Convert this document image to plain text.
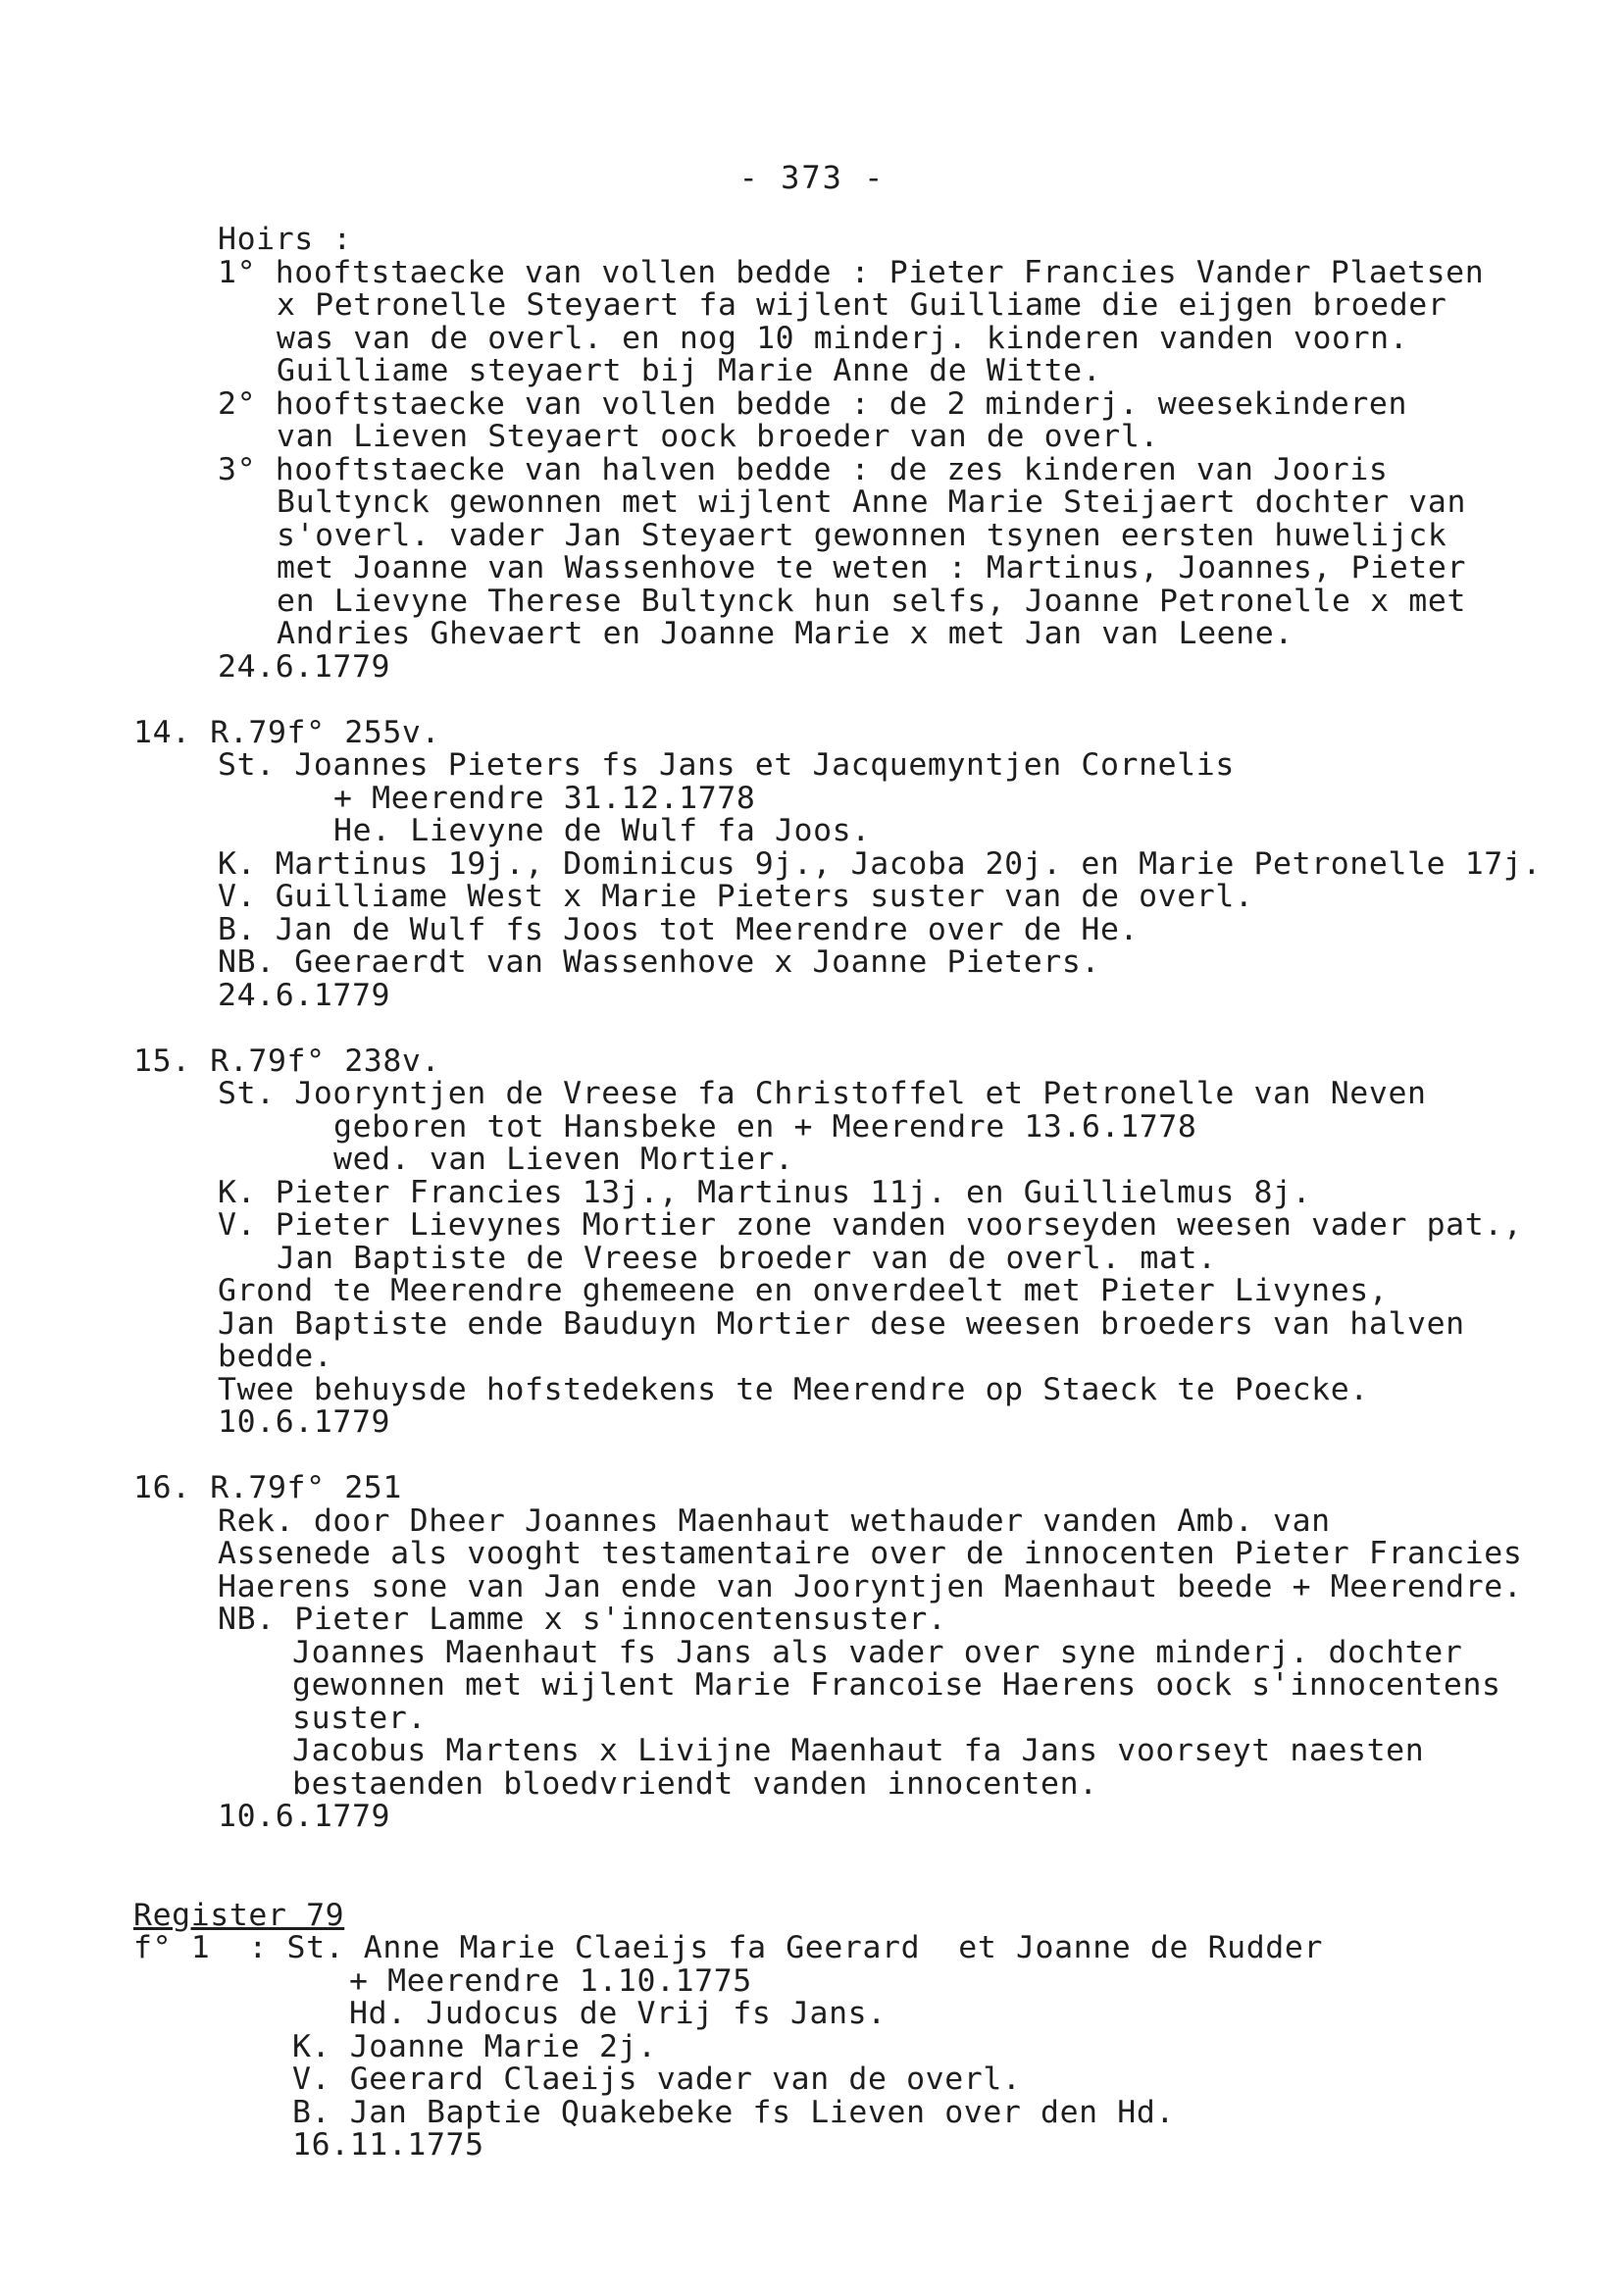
- 373 -
Hoirs :
1° hooftstaecke van vollen bedde : Pieter Francies Vander Plaetsen
x Petronelle Steyaert fa wijlent Guilliame die eijgen broeder
was van de overl. en nog 10 minderj. kinderen vanden voorn.
Guilliame steyaert bij Marie Anne de Witte.
2° hooftstaecke van vollen bedde : de 2 minderj. weesekinderen
van Lieven Steyaert oock broeder van de overl.
3° hooftstaecke van halven bedde : de zes kinderen van Jooris
Bultynck gewonnen met wijlent Anne Marie Steijaert dochter van
s'overl. vader Jan Steyaert gewonnen tsynen eersten huwelijck
met Joanne van Wassenhove te weten : Martinus, Joannes, Pieter
en Lievyne Therese Bultynck hun selfs, Joanne Petronelle x met
Andries Ghevaert en Joanne Marie x met Jan van Leene.
24.6.1779
14. R.79f° 255v.
St. Joannes Pieters fs Jans et Jacquemyntjen Cornelis
+ Meerendre 31.12.1778
He. Lievyne de Wulf fa Joos.
K. Martinus 19j., Dominicus 9j., Jacoba 20j. en Marie Petronelle 17j.
V. Guilliame West x Marie Pieters suster van de overl.
B. Jan de Wulf fs Joos tot Meerendre over de He.
NB. Geeraerdt van Wassenhove x Joanne Pieters.
24.6.1779
15. R.79f° 238v.
St. Jooryntjen de Vreese fa Christoffel et Petronelle van Neven
geboren tot Hansbeke en + Meerendre 13.6.1778
wed. van Lieven Mortier.
K. Pieter Francies 13j., Martinus 11j. en Guillielmus 8j.
V. Pieter Lievynes Mortier zone vanden voorseyden weesen vader pat.,
Jan Baptiste de Vreese broeder van de overl. mat.
Grond te Meerendre ghemeene en onverdeelt met Pieter Livynes,
Jan Baptiste ende Bauduyn Mortier dese weesen broeders van halven
bedde.
Twee behuysde hofstedekens te Meerendre op Staeck te Poecke.
10.6.1779
16. R.79f° 251
Rek. door Dheer Joannes Maenhaut wethauder vanden Amb. van
Assenede als vooght testamentaire over de innocenten Pieter Francies
Haerens sone van Jan ende van Jooryntjen Maenhaut beede + Meerendre.
NB. Pieter Lamme x s'innocentensuster.
Joannes Maenhaut fs Jans als vader over syne minderj. dochter
gewonnen met wijlent Marie Francoise Haerens oock s'innocentens
suster.
Jacobus Martens x Livijne Maenhaut fa Jans voorseyt naesten
bestaenden bloedvriendt vanden innocenten.
10.6.1779
Register 79
f° 1  : St. Anne Marie Claeijs fa Geerard  et Joanne de Rudder
+ Meerendre 1.10.1775
Hd. Judocus de Vrij fs Jans.
K. Joanne Marie 2j.
V. Geerard Claeijs vader van de overl.
B. Jan Baptie Quakebeke fs Lieven over den Hd.
16.11.1775
